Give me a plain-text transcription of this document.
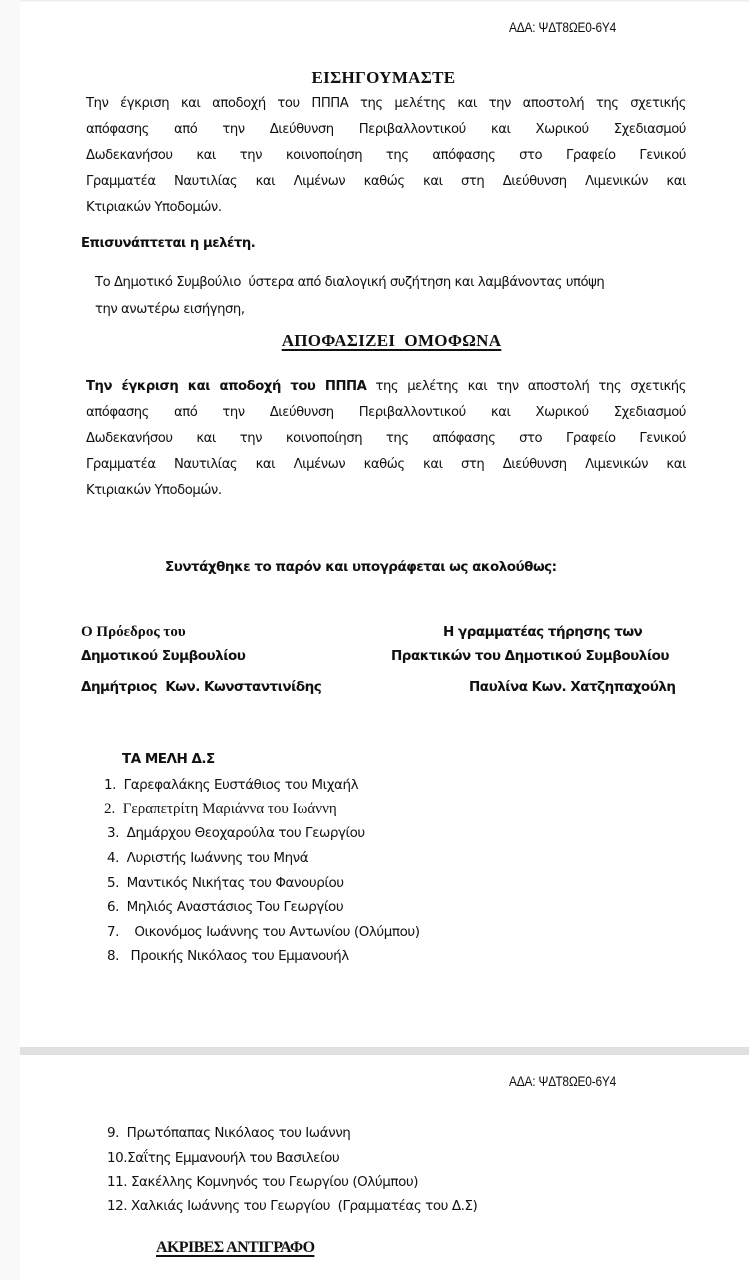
ΑΔΑ: ΨΔΤ8ΩΕ0-6Υ4
ΕΙΣΗΓΟΥΜΑΣΤΕ
Την έγκριση και αποδοχή του ΠΠΠΑ της μελέτης και την αποστολή της σχετικής
απόφασης από την Διεύθυνση Περιβαλλοντικού και Χωρικού Σχεδιασμού
Δωδεκανήσου και την κοινοποίηση της απόφασης στο Γραφείο Γενικού
Γραμματέα Ναυτιλίας και Λιμένων καθώς και στη Διεύθυνση Λιμενικών και
Κτιριακών Υποδομών.
Επισυνάπτεται η μελέτη.
Το Δημοτικό Συμβούλιο  ύστερα από διαλογική συζήτηση και λαμβάνοντας υπόψη
την ανωτέρω εισήγηση,
ΑΠΟΦΑΣΙΖΕΙ  ΟΜΟΦΩΝΑ
Την έγκριση και αποδοχή του ΠΠΠΑ της μελέτης και την αποστολή της σχετικής
απόφασης από την Διεύθυνση Περιβαλλοντικού και Χωρικού Σχεδιασμού
Δωδεκανήσου και την κοινοποίηση της απόφασης στο Γραφείο Γενικού
Γραμματέα Ναυτιλίας και Λιμένων καθώς και στη Διεύθυνση Λιμενικών και
Κτιριακών Υποδομών.
Συντάχθηκε το παρόν και υπογράφεται ως ακολούθως:
Ο Πρόεδρος του
Δημοτικού Συμβουλίου
Δημήτριος  Κων. Κωνσταντινίδης
Η γραμματέας τήρησης των
Πρακτικών του Δημοτικού Συμβουλίου
Παυλίνα Κων. Χατζηπαχούλη
ΤΑ ΜΕΛΗ Δ.Σ
1.  Γαρεφαλάκης Ευστάθιος του Μιχαήλ
2.  Γεραπετρίτη Μαριάννα του Ιωάννη
3.  Δημάρχου Θεοχαρούλα του Γεωργίου
4.  Λυριστής Ιωάννης του Μηνά
5.  Μαντικός Νικήτας του Φανουρίου
6.  Μηλιός Αναστάσιος Του Γεωργίου
7.    Οικονόμος Ιωάννης του Αντωνίου (Ολύμπου)
8.   Προικής Νικόλαος του Εμμανουήλ
ΑΔΑ: ΨΔΤ8ΩΕ0-6Υ4
9.  Πρωτόπαπας Νικόλαος του Ιωάννη
10.Σαΐτης Εμμανουήλ του Βασιλείου
11. Σακέλλης Κομνηνός του Γεωργίου (Ολύμπου)
12. Χαλκιάς Ιωάννης του Γεωργίου  (Γραμματέας του Δ.Σ)
ΑΚΡΙΒΕΣ ΑΝΤΙΓΡΑΦΟ
